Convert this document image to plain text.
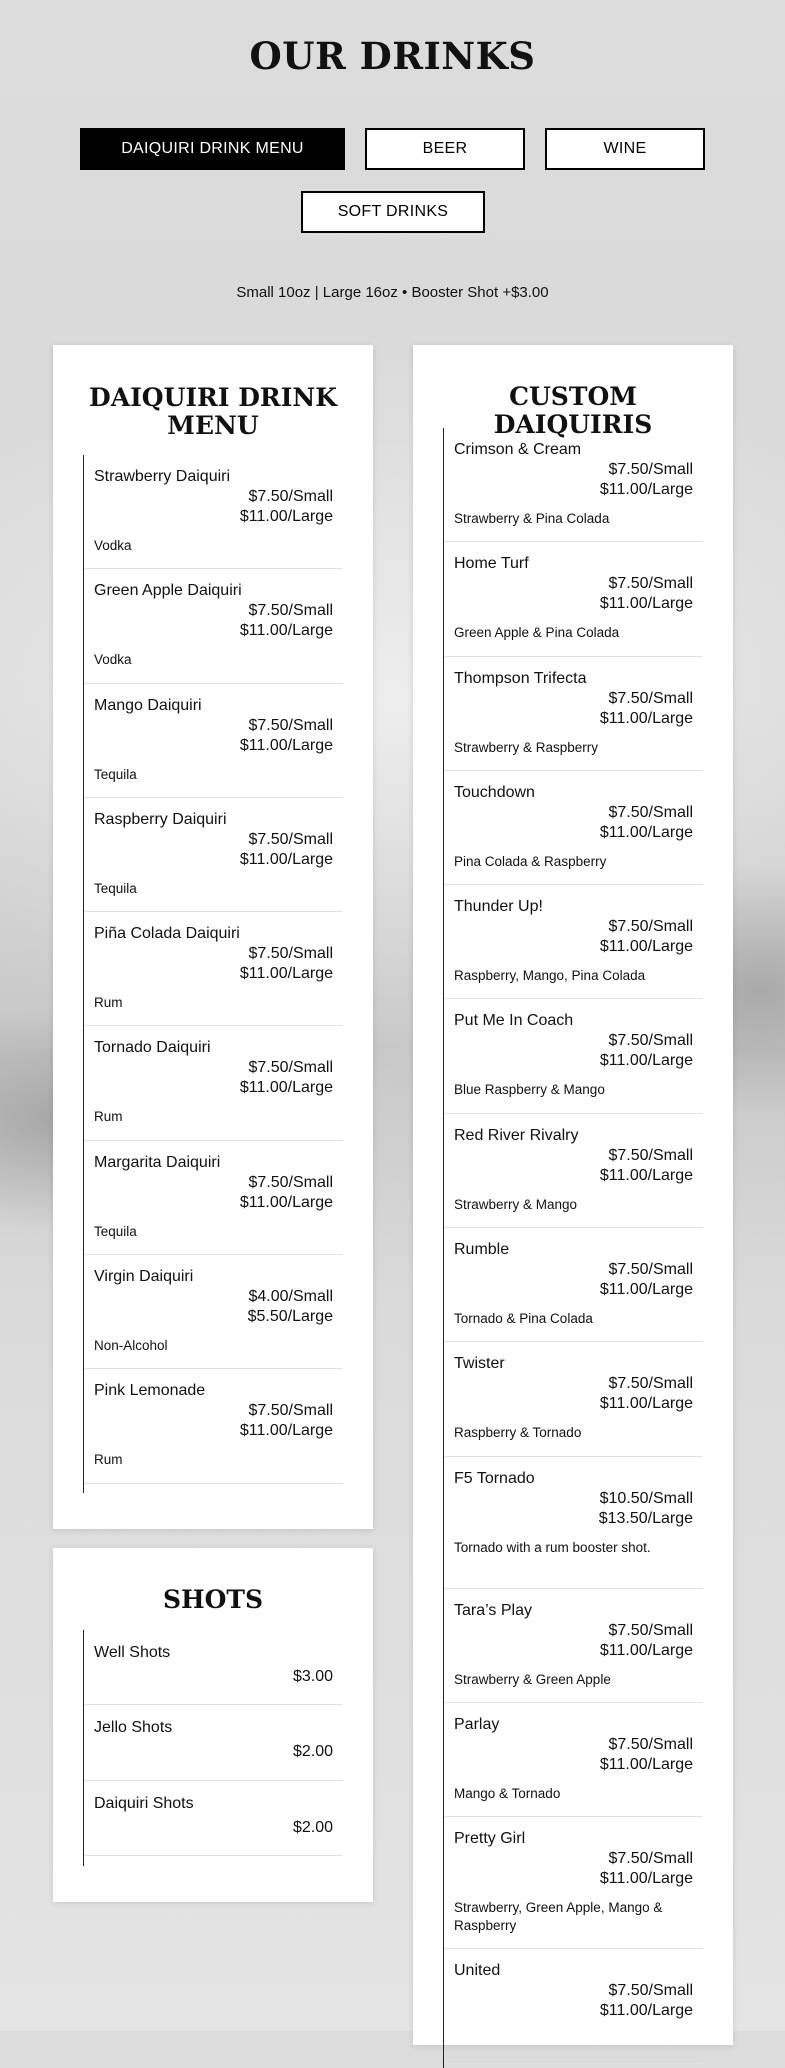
OUR DRINKS
DAIQUIRI DRINK MENU	BEER	WINE
SOFT DRINKS
Small 10oz | Large 16oz • Booster Shot +$3.00
DAIQUIRI DRINK MENU
Strawberry Daiquiri
$7.50/Small
$11.00/Large
Vodka
Green Apple Daiquiri
$7.50/Small
$11.00/Large
Vodka
Mango Daiquiri
$7.50/Small
$11.00/Large
Tequila
Raspberry Daiquiri
$7.50/Small
$11.00/Large
Tequila
Piña Colada Daiquiri
$7.50/Small
$11.00/Large
Rum
Tornado Daiquiri
$7.50/Small
$11.00/Large
Rum
Margarita Daiquiri
$7.50/Small
$11.00/Large
Tequila
Virgin Daiquiri
$4.00/Small
$5.50/Large
Non-Alcohol
Pink Lemonade
$7.50/Small
$11.00/Large
Rum
SHOTS
Well Shots
$3.00
Jello Shots
$2.00
Daiquiri Shots
$2.00
CUSTOM DAIQUIRIS
Crimson & Cream
$7.50/Small
$11.00/Large
Strawberry & Pina Colada
Home Turf
$7.50/Small
$11.00/Large
Green Apple & Pina Colada
Thompson Trifecta
$7.50/Small
$11.00/Large
Strawberry & Raspberry
Touchdown
$7.50/Small
$11.00/Large
Pina Colada & Raspberry
Thunder Up!
$7.50/Small
$11.00/Large
Raspberry, Mango, Pina Colada
Put Me In Coach
$7.50/Small
$11.00/Large
Blue Raspberry & Mango
Red River Rivalry
$7.50/Small
$11.00/Large
Strawberry & Mango
Rumble
$7.50/Small
$11.00/Large
Tornado & Pina Colada
Twister
$7.50/Small
$11.00/Large
Raspberry & Tornado
F5 Tornado
$10.50/Small
$13.50/Large
Tornado with a rum booster shot.
Tara’s Play
$7.50/Small
$11.00/Large
Strawberry & Green Apple
Parlay
$7.50/Small
$11.00/Large
Mango & Tornado
Pretty Girl
$7.50/Small
$11.00/Large
Strawberry, Green Apple, Mango & Raspberry
United
$7.50/Small
$11.00/Large
